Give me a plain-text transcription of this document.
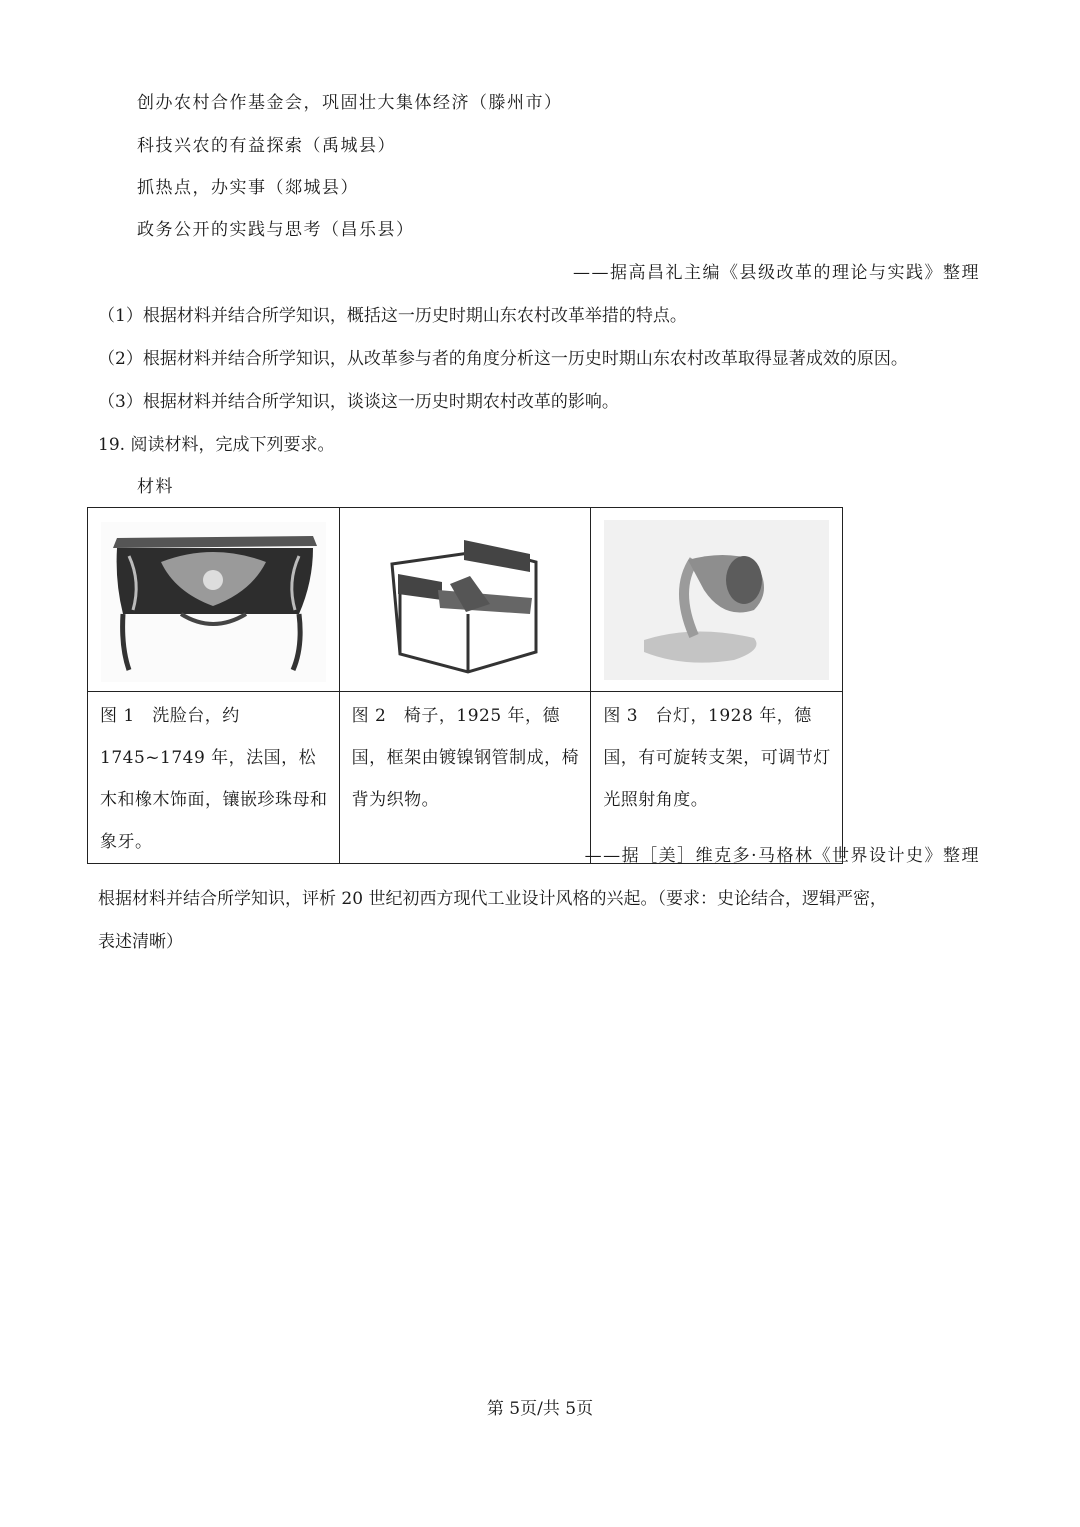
创办农村合作基金会，巩固壮大集体经济（滕州市）
科技兴农的有益探索（禹城县）
抓热点，办实事（郯城县）
政务公开的实践与思考（昌乐县）
——据高昌礼主编《县级改革的理论与实践》整理
（1）根据材料并结合所学知识，概括这一历史时期山东农村改革举措的特点。
（2）根据材料并结合所学知识，从改革参与者的角度分析这一历史时期山东农村改革取得显著成效的原因。
（3）根据材料并结合所学知识，谈谈这一历史时期农村改革的影响。
19. 阅读材料，完成下列要求。
材料

图 1　洗脸台，约 1745~1749 年，法国，松木和橡木饰面，镶嵌珍珠母和象牙。	图 2　椅子，1925 年，德国，框架由镀镍钢管制成，椅背为织物。	图 3　台灯，1928 年，德国，有可旋转支架，可调节灯光照射角度。
——据［美］维克多·马格林《世界设计史》整理
根据材料并结合所学知识，评析 20 世纪初西方现代工业设计风格的兴起。（要求：史论结合，逻辑严密，
表述清晰）
第 5页/共 5页
